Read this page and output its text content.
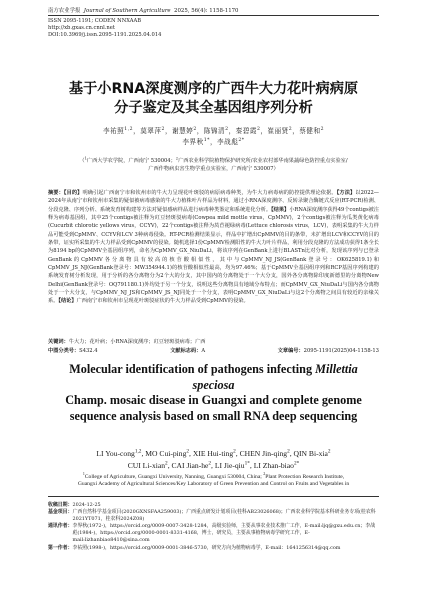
南方农业学报 Journal of Southern Agriculture 2025, 56(4): 1158-1170
ISSN 2095-1191; CODEN NNXAAB
http://xb.gxas.cn.cnnl.net
DOI:10.3969/j.issn.2095-1191.2025.04.014
基于小RNA深度测序的广西牛大力花叶病病原
分子鉴定及其全基因组序列分析
李祐照$^{1,2}$，莫翠萍$^2$，谢慧婷$^2$，陈锦清$^2$，秦碧霞$^2$，崔丽贤$^2$，蔡健和$^2$
李界秋$^{1*}$，李战彪$^{2*}$
（$^1$广西大学农学院，广西南宁 530004；$^2$广西农业科学院植物保护研究所/农业农村部华南果蔬绿色防控重点实验室/
广西作物病虫害生物学重点实验室，广西南宁 530007）
摘要：【目的】明确引起广西南宁市和钦州市的牛大力呈现花叶斑驳的病原病毒种类，为牛大力病毒病的防控提供理论依据。【方法】以2022—2024年从南宁市和钦州市采集的疑似被病毒感染的牛大力植株叶片样品为材料，通过小RNA深度测序、反转录聚合酶链式反应(RT-PCR)检测、分段克隆、序列分析、系统发育树构建等方法对疑似感病样品进行病毒种类鉴定和系统进化分析。【结果】小RNA深度测序获得49个contigs被注释为病毒基因组，其中25个contigs被注释为豇豆轻斑驳病毒(Cowpea mild mottle virus，CpMMV)，2个contigs被注释为瓜类黄化病毒(Cucurbit chlorotic yellows virus，CCYV)，22个contigs被注释为莴苣褪绿病毒(Lettuce chlorosis virus，LCV)，表明采集的牛大力样品可能受到CpMMV、CCYV和LCV 3种病毒侵染。RT-PCR检测结果显示，样品中扩增出CpMMV的目的条带，未扩增出LCV和CCYV的目的条带，证实所采集的牛大力样品受到CpMMV的侵染。随机选择1份CpMMV检测阳性的牛大力叶片样品，利用分段克隆的方法成功获得1条全长为8194 bp的CpMMV全基因组序列，命名为CpMMV_GX_NiuDaLi，将该序列在GenBank上进行BLASTn比对分析，发现该序列与已登录GenBank的CpMMV各分离物具有较高的核苷酸相似性，其中与CpMMV_NJ_JS(GenBank登录号：OK625819.1)和CpMMV_JS_NJ(GenBank登录号：MW354944.1)的核苷酸相似性最高，均为97.46%；基于CpMMV全基因组序列和RCP基因序列构建的系统发育树分析发现，用于分析的各分离物分为2个大的分支，其中国内的分离物处于一个大分支，国外各分离物除印度新德里的分离物New Delhi(GenBank登录号：OQ791180.1)外均处于另一个分支，说明这些分离物具有地域分布特点；而CpMMV_GX_NiuDaLi与国内各分离物处于一个大分支，与CpMMV_NJ_JS和CpMMV_JS_NJ同处于一个分支，表明CpMMV_GX_NiuDaLi与这2个分离物之间具有较近的亲缘关系。【结论】广西南宁市和钦州市呈现花叶斑驳症状的牛大力样品受到CpMMV的侵染。
关键词：牛大力；花叶病；小RNA深度测序；豇豆轻斑驳病毒；广西
中图分类号：S432.4	文献标志码：A	文章编号：2095-1191(2025)04-1158-13
Molecular identification of pathogens infecting Millettia speciosa
Champ. mosaic disease in Guangxi and complete genome
sequence analysis based on small RNA deep sequencing
LI You-cong$^{1,2}$, MO Cui-ping$^2$, XIE Hui-ting$^2$, CHEN Jin-qing$^2$, QIN Bi-xia$^2$
CUI Li-xian$^2$, CAI Jian-$he^2$, LI Jie-qiu$^{1*}$, LI Zhan-biao$^{2*}$
$^1$College of Agriculture, Guangxi University, Nanning, Guangxi 530004, China; $^2$Plant Protection Research Institute,
Guangxi Academy of Agricultural Sciences/Key Laboratory of Green Prevention and Control on Fruits and Vegetables in
收稿日期： 2024-12-25
基金项目： 广西自然科学基金项目(2020GXNSFAA259003)；广西重点研发计划项目(桂科AB23026068)；广西农业科学院基本科研业务专项(桂农科2021YT071，桂农科2024Z08)
通讯作者： 李界秋(1972-)，https://orcid.org/0009-0007-3428-1284，高级实验师，主要从事农业技术推广工作，E-mail:ljq@gxu.edu.cn；李战彪(1984-)，https://orcid.org/0000-0001-8331-4168，博士，研究员，主要从事植物病毒学研究工作，E-mail:lizhanbiao8410@sina.com
第一作者： 李祐照(1998-)，https://orcid.org/0009-0001-3846-5730，研究方向为植物病毒学，E-mail：1641256314@qq.com
